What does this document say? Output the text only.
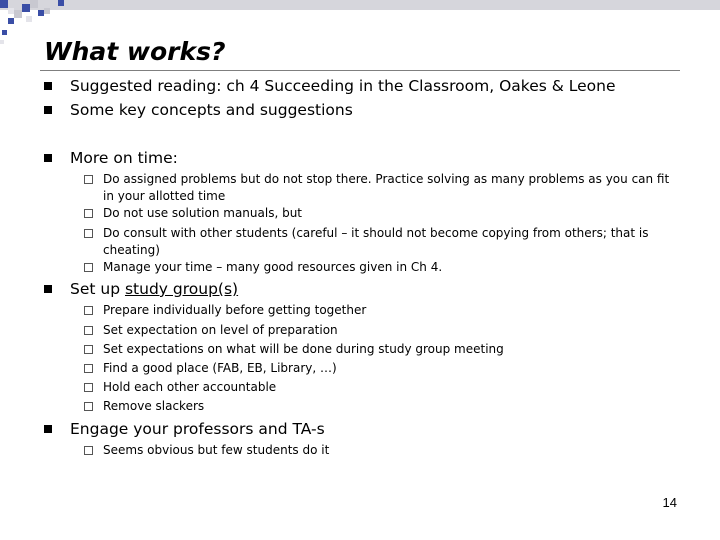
What works?
Suggested reading: ch 4 Succeeding in the Classroom, Oakes & Leone
Some key concepts and suggestions
More on time:
Do assigned problems but do not stop there. Practice solving as many problems as you can fit in your allotted time
Do not use solution manuals, but
Do consult with other students (careful – it should not become copying from others; that is cheating)
Manage your time – many good resources given in Ch 4.
Set up study group(s)
Prepare individually before getting together
Set expectation on level of preparation
Set expectations on what will be done during study group meeting
Find a good place (FAB, EB, Library, …)
Hold each other accountable
Remove slackers
Engage your professors and TA-s
Seems obvious but few students do it
14
